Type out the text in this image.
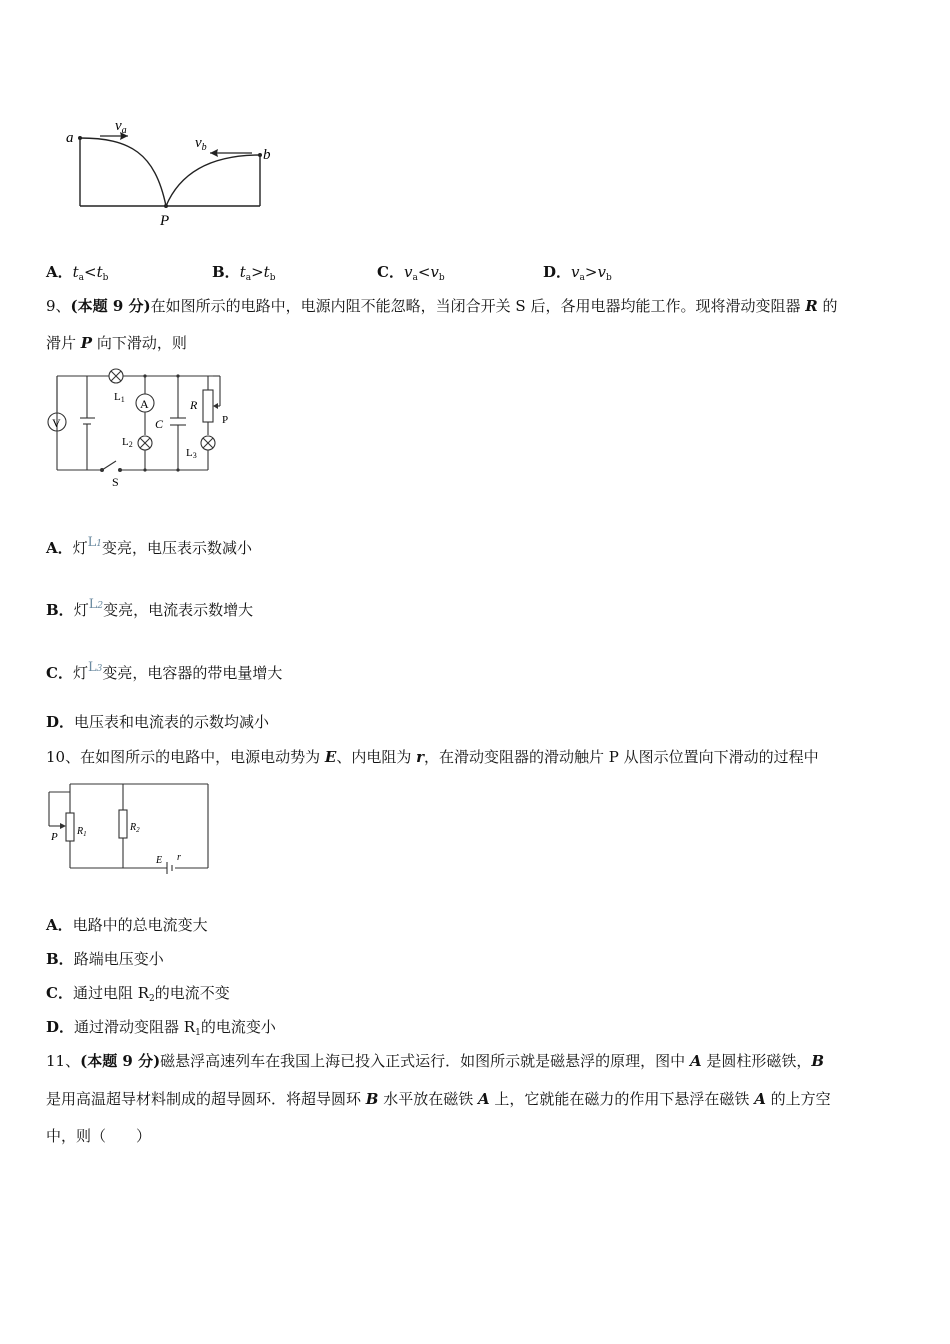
a
$v_a$
$v_b$	b
P
A．$t_a<t_b$	B．$t_a>t_b$	C．$v_a<v_b$	D．$v_a>v_b$
9、(本题 9 分)在如图所示的电路中，电源内阻不能忽略，当闭合开关 S 后，各用电器均能工作。现将滑动变阻器 R 的
滑片 P 向下滑动，则
V
A
L1
L2
C
R
P
L3
S
A．灯L1变亮，电压表示数减小
B．灯L2变亮，电流表示数增大
C．灯L3变亮，电容器的带电量增大
D．电压表和电流表的示数均减小
10、在如图所示的电路中，电源电动势为 E、内电阻为 r，在滑动变阻器的滑动触片 P 从图示位置向下滑动的过程中
P $R_1$
$R_2$
E r
A．电路中的总电流变大
B．路端电压变小
C．通过电阻 $R_2$的电流不变
D．通过滑动变阻器 $R_1$的电流变小
11、(本题 9 分)磁悬浮高速列车在我国上海已投入正式运行．如图所示就是磁悬浮的原理，图中 A 是圆柱形磁铁，B
是用高温超导材料制成的超导圆环．将超导圆环 B 水平放在磁铁 A 上，它就能在磁力的作用下悬浮在磁铁 A 的上方空
中，则（　　）
